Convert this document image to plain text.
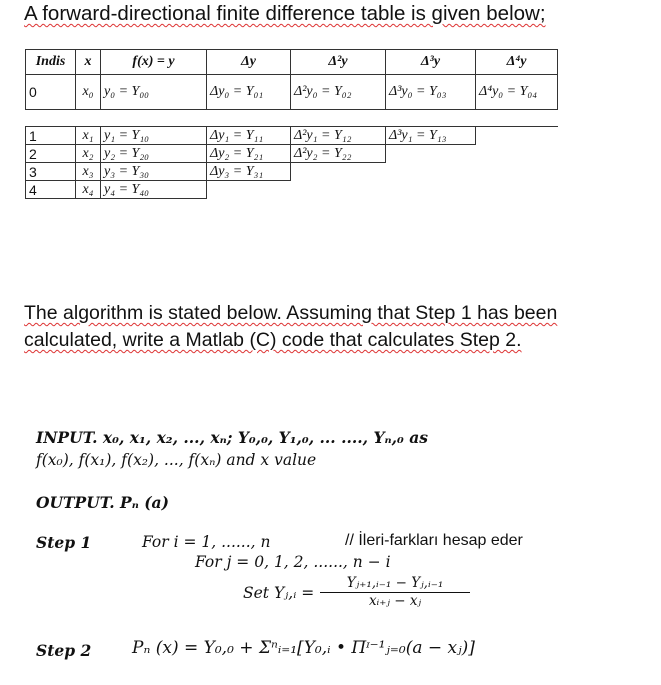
A forward-directional finite difference table is given below;
Indis	x	f(x) = y	Δy	Δ²y	Δ³y	Δ⁴y
0	x₀	y₀ = Y₀₀	Δy₀ = Y₀₁	Δ²y₀ = Y₀₂	Δ³y₀ = Y₀₃	Δ⁴y₀ = Y₀₄

1	x₁	y₁ = Y₁₀	Δy₁ = Y₁₁	Δ²y₁ = Y₁₂	Δ³y₁ = Y₁₃	
2	x₂	y₂ = Y₂₀	Δy₂ = Y₂₁	Δ²y₂ = Y₂₂		
3	x₃	y₃ = Y₃₀	Δy₃ = Y₃₁			
4	x₄	y₄ = Y₄₀				
The algorithm is stated below. Assuming that Step 1 has been
calculated, write a Matlab (C) code that calculates Step 2.
INPUT. x₀, x₁, x₂, ..., xₙ; Y₀,₀, Y₁,₀, ... ...., Yₙ,₀ as
f(x₀), f(x₁), f(x₂), ..., f(xₙ) and x value
OUTPUT. Pₙ (a)
Step 1	For i = 1, ......, n	// İleri-farkları hesap eder
For j = 0, 1, 2, ......, n − i
Set Yⱼ,ᵢ = $\frac{\text{Yⱼ₊₁,ᵢ₋₁ − Yⱼ,ᵢ₋₁}}{\text{xᵢ₊ⱼ − xⱼ}}$
Step 2 Pₙ (x) = Y₀,₀ + Σⁿᵢ₌₁[Y₀,ᵢ • Πᶦ⁻¹ⱼ₌₀(a − xⱼ)]
